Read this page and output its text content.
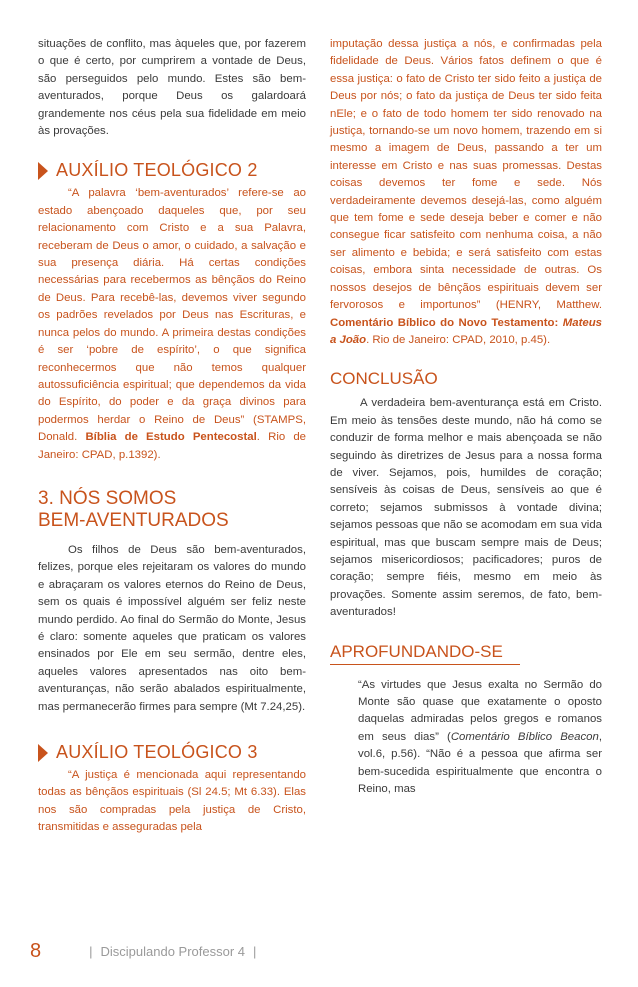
situações de conflito, mas àqueles que, por fazerem o que é certo, por cumprirem a vontade de Deus, são perseguidos pelo mundo. Estes são bem-aventurados, porque Deus os galardoará grandemente nos céus pela sua fidelidade em meio às provações.

AUXÍLIO TEOLÓGICO 2

“A palavra ‘bem-aventurados’ refere-se ao estado abençoado daqueles que, por seu relacionamento com Cristo e a sua Palavra, receberam de Deus o amor, o cuidado, a salvação e sua presença diária. Há certas condições necessárias para recebermos as bênçãos do Reino de Deus. Para recebê-las, devemos viver segundo os padrões revelados por Deus nas Escrituras, e nunca pelos do mundo. A primeira destas condições é ser ‘pobre de espírito’, o que significa reconhecermos que não temos qualquer autossuficiência espiritual; que dependemos da vida do Espírito, do poder e da graça divinos para podermos herdar o Reino de Deus” (STAMPS, Donald. Bíblia de Estudo Pentecostal. Rio de Janeiro: CPAD, p.1392).

3. NÓS SOMOS
BEM-AVENTURADOS

Os filhos de Deus são bem-aventurados, felizes, porque eles rejeitaram os valores do mundo e abraçaram os valores eternos do Reino de Deus, sem os quais é impossível alguém ser feliz neste mundo perdido. Ao final do Sermão do Monte, Jesus é claro: somente aqueles que praticam os valores ensinados por Ele em seu sermão, dentre eles, aqueles valores apresentados nas oito bem-aventuranças, não serão abalados espiritualmente, mas permanecerão firmes para sempre (Mt 7.24,25).

AUXÍLIO TEOLÓGICO 3

“A justiça é mencionada aqui representando todas as bênçãos espirituais (Sl 24.5; Mt 6.33). Elas nos são compradas pela justiça de Cristo, transmitidas e asseguradas pela

imputação dessa justiça a nós, e confirmadas pela fidelidade de Deus. Vários fatos definem o que é essa justiça: o fato de Cristo ter sido feito a justiça de Deus por nós; o fato da justiça de Deus ter sido feita nEle; e o fato de todo homem ter sido renovado na justiça, tornando-se um novo homem, trazendo em si mesmo a imagem de Deus, passando a ter um interesse em Cristo e nas suas promessas. Destas coisas devemos ter fome e sede. Nós verdadeiramente devemos desejá-las, como alguém que tem fome e sede deseja beber e comer e não consegue ficar satisfeito com nenhuma coisa, a não ser alimento e bebida; e será satisfeito com estas coisas, embora sinta necessidade de outras. Os nossos desejos de bênçãos espirituais devem ser fervorosos e importunos” (HENRY, Matthew. Comentário Bíblico do Novo Testamento: Mateus a João. Rio de Janeiro: CPAD, 2010, p.45).

CONCLUSÃO

A verdadeira bem-aventurança está em Cristo. Em meio às tensões deste mundo, não há como se conduzir de forma melhor e mais abençoada se não seguindo às diretrizes de Jesus para a nossa forma de viver. Sejamos, pois, humildes de coração; sensíveis às coisas de Deus, sensíveis ao que é correto; sejamos submissos à vontade divina; sejamos pessoas que não se acomodam em sua vida espiritual, mas que buscam sempre mais de Deus; sejamos misericordiosos; pacificadores; puros de coração; sempre fiéis, mesmo em meio às provações. Somente assim seremos, de fato, bem-aventurados!

APROFUNDANDO-SE

“As virtudes que Jesus exalta no Sermão do Monte são quase que exatamente o oposto daquelas admiradas pelos gregos e romanos em seus dias” (Comentário Bíblico Beacon, vol.6, p.56). “Não é a pessoa que afirma ser bem-sucedida espiritualmente que encontra o Reino, mas

8	| Discipulando Professor 4 |
